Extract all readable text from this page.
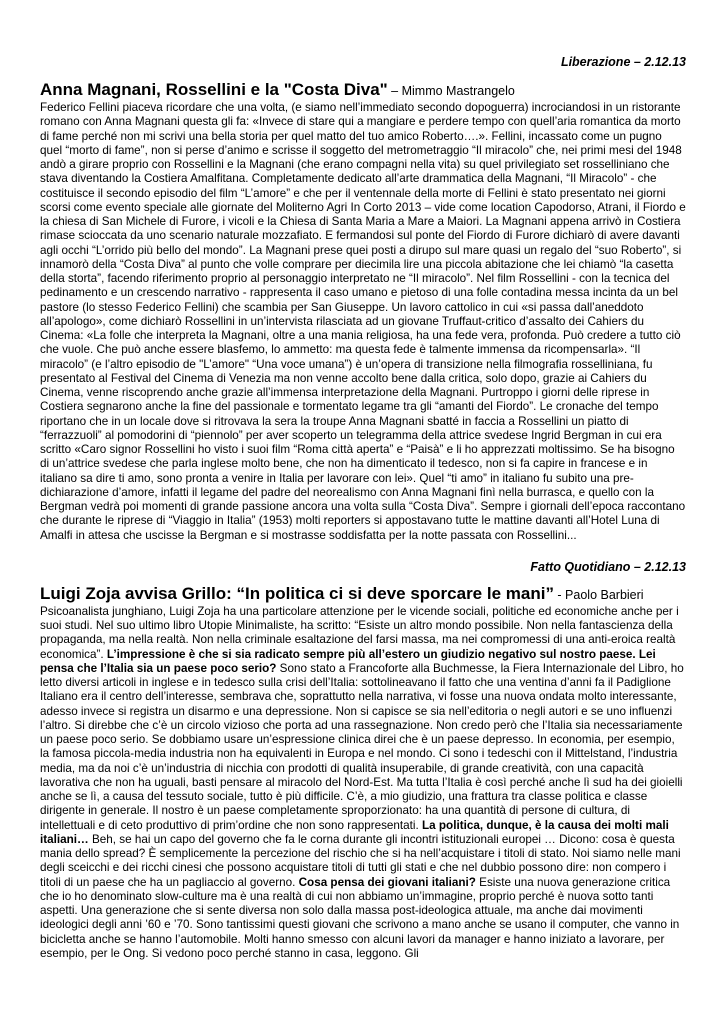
Liberazione – 2.12.13

Anna Magnani, Rossellini e la "Costa Diva" – Mimmo Mastrangelo

Federico Fellini piaceva ricordare che una volta, (e siamo nell’immediato secondo dopoguerra) incrociandosi in un ristorante romano con Anna Magnani questa gli fa: «Invece di stare qui a mangiare e perdere tempo con quell’aria romantica da morto di fame perché non mi scrivi una bella storia per quel matto del tuo amico Roberto….». Fellini, incassato come un pugno quel “morto di fame”, non si perse d’animo e scrisse il soggetto del metrometraggio “Il miracolo” che, nei primi mesi del 1948 andò a girare proprio con Rossellini e la Magnani (che erano compagni nella vita) su quel privilegiato set rosselliniano che stava diventando la Costiera Amalfitana. Completamente dedicato all’arte drammatica della Magnani, “Il Miracolo” - che costituisce il secondo episodio del film “L’amore” e che per il ventennale della morte di Fellini è stato presentato nei giorni scorsi come evento speciale alle giornate del Moliterno Agri In Corto 2013 – vide come location Capodorso, Atrani, il Fiordo e la chiesa di San Michele di Furore, i vicoli e la Chiesa di Santa Maria a Mare a Maiori. La Magnani appena arrivò in Costiera rimase scioccata da uno scenario naturale mozzafiato. E fermandosi sul ponte del Fiordo di Furore dichiarò di avere davanti agli occhi “L’orrido più bello del mondo”. La Magnani prese quei posti a dirupo sul mare quasi un regalo del “suo Roberto”, si innamorò della “Costa Diva” al punto che volle comprare per diecimila lire una piccola abitazione che lei chiamò “la casetta della storta”, facendo riferimento proprio al personaggio interpretato ne “Il miracolo”. Nel film Rossellini - con la tecnica del pedinamento e un crescendo narrativo - rappresenta il caso umano e pietoso di una folle contadina messa incinta da un bel pastore (lo stesso Federico Fellini) che scambia per San Giuseppe. Un lavoro cattolico in cui «si passa dall’aneddoto all’apologo», come dichiarò Rossellini in un’intervista rilasciata ad un giovane Truffaut-critico d’assalto dei Cahiers du Cinema: «La folle che interpreta la Magnani, oltre a una mania religiosa, ha una fede vera, profonda. Può credere a tutto ciò che vuole. Che può anche essere blasfemo, lo ammetto: ma questa fede è talmente immensa da ricompensarla». “Il miracolo” (e l’altro episodio de "L’amore" “Una voce umana”) è un’opera di transizione nella filmografia rosselliniana, fu presentato al Festival del Cinema di Venezia ma non venne accolto bene dalla critica, solo dopo, grazie ai Cahiers du Cinema, venne riscoprendo anche grazie all’immensa interpretazione della Magnani. Purtroppo i giorni delle riprese in Costiera segnarono anche la fine del passionale e tormentato legame tra gli “amanti del Fiordo”. Le cronache del tempo riportano che in un locale dove si ritrovava la sera la troupe Anna Magnani sbatté in faccia a Rossellini un piatto di “ferrazzuoli” al pomodorini di “piennolo” per aver scoperto un telegramma della attrice svedese Ingrid Bergman in cui era scritto «Caro signor Rossellini ho visto i suoi film “Roma città aperta” e “Paisà” e li ho apprezzati moltissimo. Se ha bisogno di un’attrice svedese che parla inglese molto bene, che non ha dimenticato il tedesco, non si fa capire in francese e in italiano sa dire ti amo, sono pronta a venire in Italia per lavorare con lei». Quel “ti amo” in italiano fu subito una pre-dichiarazione d’amore, infatti il legame del padre del neorealismo con Anna Magnani finì nella burrasca, e quello con la Bergman vedrà poi momenti di grande passione ancora una volta sulla “Costa Diva”. Sempre i giornali dell’epoca raccontano che durante le riprese di “Viaggio in Italia” (1953) molti reporters si appostavano tutte le mattine davanti all’Hotel Luna di Amalfi in attesa che uscisse la Bergman e si mostrasse soddisfatta per la notte passata con Rossellini...

Fatto Quotidiano – 2.12.13

Luigi Zoja avvisa Grillo: “In politica ci si deve sporcare le mani” - Paolo Barbieri

Psicoanalista junghiano, Luigi Zoja ha una particolare attenzione per le vicende sociali, politiche ed economiche anche per i suoi studi. Nel suo ultimo libro Utopie Minimaliste, ha scritto: “Esiste un altro mondo possibile. Non nella fantascienza della propaganda, ma nella realtà. Non nella criminale esaltazione del farsi massa, ma nei compromessi di una anti-eroica realtà economica”. L’impressione è che si sia radicato sempre più all’estero un giudizio negativo sul nostro paese. Lei pensa che l’Italia sia un paese poco serio? Sono stato a Francoforte alla Buchmesse, la Fiera Internazionale del Libro, ho letto diversi articoli in inglese e in tedesco sulla crisi dell’Italia: sottolineavano il fatto che una ventina d’anni fa il Padiglione Italiano era il centro dell’interesse, sembrava che, soprattutto nella narrativa, vi fosse una nuova ondata molto interessante, adesso invece si registra un disarmo e una depressione. Non si capisce se sia nell’editoria o negli autori e se uno influenzi l’altro. Si direbbe che c’è un circolo vizioso che porta ad una rassegnazione. Non credo però che l’Italia sia necessariamente un paese poco serio. Se dobbiamo usare un’espressione clinica direi che è un paese depresso. In economia, per esempio, la famosa piccola-media industria non ha equivalenti in Europa e nel mondo. Ci sono i tedeschi con il Mittelstand, l’industria media, ma da noi c’è un’industria di nicchia con prodotti di qualità insuperabile, di grande creatività, con una capacità lavorativa che non ha uguali, basti pensare al miracolo del Nord-Est. Ma tutta l’Italia è così perché anche lì sud ha dei gioielli anche se lì, a causa del tessuto sociale, tutto è più difficile. C’è, a mio giudizio, una frattura tra classe politica e classe dirigente in generale. Il nostro è un paese completamente sproporzionato: ha una quantità di persone di cultura, di intellettuali e di ceto produttivo di prim’ordine che non sono rappresentati. La politica, dunque, è la causa dei molti mali italiani… Beh, se hai un capo del governo che fa le corna durante gli incontri istituzionali europei … Dicono: cosa è questa mania dello spread? È semplicemente la percezione del rischio che si ha nell’acquistare i titoli di stato. Noi siamo nelle mani degli sceicchi e dei ricchi cinesi che possono acquistare titoli di tutti gli stati e che nel dubbio possono dire: non compero i titoli di un paese che ha un pagliaccio al governo. Cosa pensa dei giovani italiani? Esiste una nuova generazione critica che io ho denominato slow-culture ma è una realtà di cui non abbiamo un’immagine, proprio perché è nuova sotto tanti aspetti. Una generazione che si sente diversa non solo dalla massa post-ideologica attuale, ma anche dai movimenti ideologici degli anni ’60 e ’70. Sono tantissimi questi giovani che scrivono a mano anche se usano il computer, che vanno in bicicletta anche se hanno l’automobile. Molti hanno smesso con alcuni lavori da manager e hanno iniziato a lavorare, per esempio, per le Ong. Si vedono poco perché stanno in casa, leggono. Gli
